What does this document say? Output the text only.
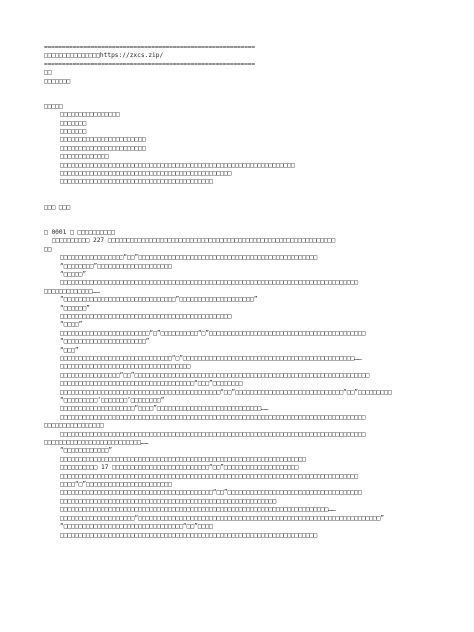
===========================================================
□□□□□□□□□□□□□□□https://zxcs.zip/
===========================================================
□□
□□□□□□□
□□□□□
□□□□□□□□□□□□□□□□
□□□□□□□
□□□□□□□
□□□□□□□□□□□□□□□□□□□□□□□
□□□□□□□□□□□□□□□□□□□□□□□
□□□□□□□□□□□□□
□□□□□□□□□□□□□□□□□□□□□□□□□□□□□□□□□□□□□□□□□□□□□□□□□□□□□□□□□□□□□□□
□□□□□□□□□□□□□□□□□□□□□□□□□□□□□□□□□□□□□□□□□□□□□□
□□□□□□□□□□□□□□□□□□□□□□□□□□□□□□□□□□□□□□□□□
□□□ □□□
□ 0001 □ □□□□□□□□□□
□□□□□□□□□□ 227 □□□□□□□□□□□□□□□□□□□□□□□□□□□□□□□□□□□□□□□□□□□□□□□□□□□□□□□□□□□□□
□□
□□□□□□□□□□□□□□□□□“□□”□□□□□□□□□□□□□□□□□□□□□□□□□□□□□□□□□□□□□□□□□□□□□□□□
“□□□□□□□□”□□□□□□□□□□□□□□□□□□□□
“□□□□□”
□□□□□□□□□□□□□□□□□□□□□□□□□□□□□□□□□□□□□□□□□□□□□□□□□□□□□□□□□□□□□□□□□□□□□□□□□□□□□□□□
□□□□□□□□□□□□□……
“□□□□□□□□□□□□□□□□□□□□□□□□□□□□□□”□□□□□□□□□□□□□□□□□□□□”
“□□□□□□”
□□□□□□□□□□□□□□□□□□□□□□□□□□□□□□□□□□□□□□□□□□□□□□
“□□□□”
□□□□□□□□□□□□□□□□□□□□□□□□“□”□□□□□□□□□□“□”□□□□□□□□□□□□□□□□□□□□□□□□□□□□□□□□□□□□□□□□□□
“□□□□□□□□□□□□□□□□□□□□□□”
“□□□”
□□□□□□□□□□□□□□□□□□□□□□□□□□□□□□“□”□□□□□□□□□□□□□□□□□□□□□□□□□□□□□□□□□□□□□□□□□□□□□□……
□□□□□□□□□□□□□□□□□□□□□□□□□□□□□□□□□□□
□□□□□□□□□□□□□□□□“□□”□□□□□□□□□□□□□□□□□□□□□□□□□□□□□□□□□□□□□□□□□□□□□□□□□□□□□□□□□□□□□□□
□□□□□□□□□□□□□□□□□□□□□□□□□□□□□□□□□□□□“□□□”□□□□□□□□
□□□□□□□□□□□□□□□□□□□□□□□□□□□□□□□□□□□□□□□□□□□“□□”□□□□□□□□□□□□□□□□□□□□□□□□□□□□□“□□”□□□□□□□□□
“□□□□□□□□□‘□□□□□□□’□□□□□□□□”
□□□□□□□□□□□□□□□□□□□□“□□□□”□□□□□□□□□□□□□□□□□□□□□□□□□□□□……
□□□□□□□□□□□□□□□□□□□□□□□□□□□□□□□□□□□□□□□□□□□□□□□□□□□□□□□□□□□□□□□□□□□□□□□□□□□□□□□□□□
□□□□□□□□□□□□□□□□
□□□□□□□□□□□□□□□□□□□□□□□□□□□□□□□□□□□□□□□□□□□□□□□□□□□□□□□□□□□□□□□□□□□□□□□□□□□□□□□□□□
□□□□□□□□□□□□□□□□□□□□□□□□□□……
“□□□□□□□□□□□□”
□□□□□□□□□□□□□□□□□□□□□□□□□□□□□□□□□□□□□□□□□□□□□□□□□□□□□□□□□□□□□□□□□□
□□□□□□□□□□ 17 □□□□□□□□□□□□□□□□□□□□□□□□□□“□□”□□□□□□□□□□□□□□□□□□□□
□□□□□□□□□□□□□□□□□□□□□□□□□□□□□□□□□□□□□□□□□□□□□□□□□□□□□□□□□□□□□□□□□□□□□□□□□□□□□□□□
□□□□“□”□□□□□□□□□□□□□□□□□□□□□□□
□□□□□□□□□□□□□□□□□□□□□□□□□□□□□□□□□□□□□□□□□“□□”□□□□□□□□□□□□□□□□□□□□□□□□□□□□□□□□□□□□
□□□□□□□□□□□□□□□□□□□□□□□□□□□□□□□□□□□□□□□□□□□□□□□□□□□□□□□□□□
□□□□□□□□□□□□□□□□□□□□□□□□□□□□□□□□□□□□□□□□□□□□□□□□□□□□□□□□□□□□□□□□□□□□□□□□……
□□□□□□□□□□□□□□□□□□□□“□□□□□□□□□□□□□□□□□□□□□□□□□□□□□□□□□□□□□□□□□□□□□□□□□□□□□□□□□□□□□□□□□”
“□□□□□□□□□□□□□□□□□□□□□□□□□□□□□□□□“□□”□□□□
□□□□□□□□□□□□□□□□□□□□□□□□□□□□□□□□□□□□□□□□□□□□□□□□□□□□□□□□□□□□□□□□□□□□□
